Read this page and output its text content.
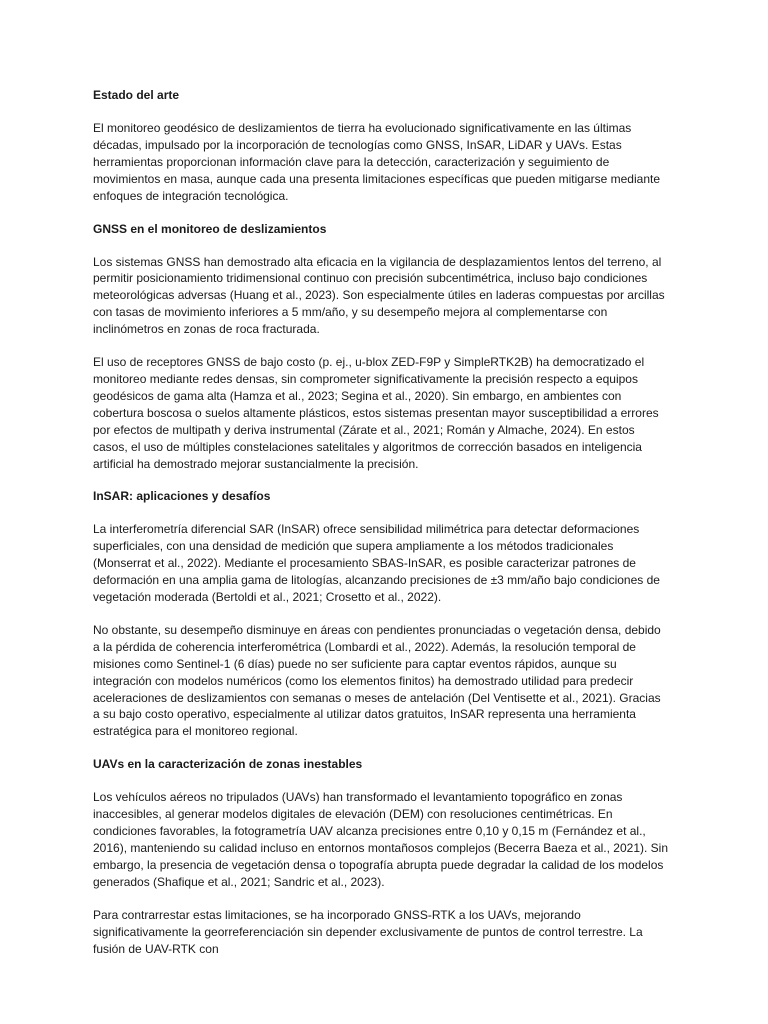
Estado del arte

El monitoreo geodésico de deslizamientos de tierra ha evolucionado significativamente en las últimas décadas, impulsado por la incorporación de tecnologías como GNSS, InSAR, LiDAR y UAVs. Estas herramientas proporcionan información clave para la detección, caracterización y seguimiento de movimientos en masa, aunque cada una presenta limitaciones específicas que pueden mitigarse mediante enfoques de integración tecnológica.

GNSS en el monitoreo de deslizamientos

Los sistemas GNSS han demostrado alta eficacia en la vigilancia de desplazamientos lentos del terreno, al permitir posicionamiento tridimensional continuo con precisión subcentimétrica, incluso bajo condiciones meteorológicas adversas (Huang et al., 2023). Son especialmente útiles en laderas compuestas por arcillas con tasas de movimiento inferiores a 5 mm/año, y su desempeño mejora al complementarse con inclinómetros en zonas de roca fracturada.

El uso de receptores GNSS de bajo costo (p. ej., u-blox ZED-F9P y SimpleRTK2B) ha democratizado el monitoreo mediante redes densas, sin comprometer significativamente la precisión respecto a equipos geodésicos de gama alta (Hamza et al., 2023; Segina et al., 2020). Sin embargo, en ambientes con cobertura boscosa o suelos altamente plásticos, estos sistemas presentan mayor susceptibilidad a errores por efectos de multipath y deriva instrumental (Zárate et al., 2021; Román y Almache, 2024). En estos casos, el uso de múltiples constelaciones satelitales y algoritmos de corrección basados en inteligencia artificial ha demostrado mejorar sustancialmente la precisión.

InSAR: aplicaciones y desafíos

La interferometría diferencial SAR (InSAR) ofrece sensibilidad milimétrica para detectar deformaciones superficiales, con una densidad de medición que supera ampliamente a los métodos tradicionales (Monserrat et al., 2022). Mediante el procesamiento SBAS-InSAR, es posible caracterizar patrones de deformación en una amplia gama de litologías, alcanzando precisiones de ±3 mm/año bajo condiciones de vegetación moderada (Bertoldi et al., 2021; Crosetto et al., 2022).

No obstante, su desempeño disminuye en áreas con pendientes pronunciadas o vegetación densa, debido a la pérdida de coherencia interferométrica (Lombardi et al., 2022). Además, la resolución temporal de misiones como Sentinel-1 (6 días) puede no ser suficiente para captar eventos rápidos, aunque su integración con modelos numéricos (como los elementos finitos) ha demostrado utilidad para predecir aceleraciones de deslizamientos con semanas o meses de antelación (Del Ventisette et al., 2021). Gracias a su bajo costo operativo, especialmente al utilizar datos gratuitos, InSAR representa una herramienta estratégica para el monitoreo regional.

UAVs en la caracterización de zonas inestables

Los vehículos aéreos no tripulados (UAVs) han transformado el levantamiento topográfico en zonas inaccesibles, al generar modelos digitales de elevación (DEM) con resoluciones centimétricas. En condiciones favorables, la fotogrametría UAV alcanza precisiones entre 0,10 y 0,15 m (Fernández et al., 2016), manteniendo su calidad incluso en entornos montañosos complejos (Becerra Baeza et al., 2021). Sin embargo, la presencia de vegetación densa o topografía abrupta puede degradar la calidad de los modelos generados (Shafique et al., 2021; Sandric et al., 2023).

Para contrarrestar estas limitaciones, se ha incorporado GNSS-RTK a los UAVs, mejorando significativamente la georreferenciación sin depender exclusivamente de puntos de control terrestre. La fusión de UAV-RTK con
